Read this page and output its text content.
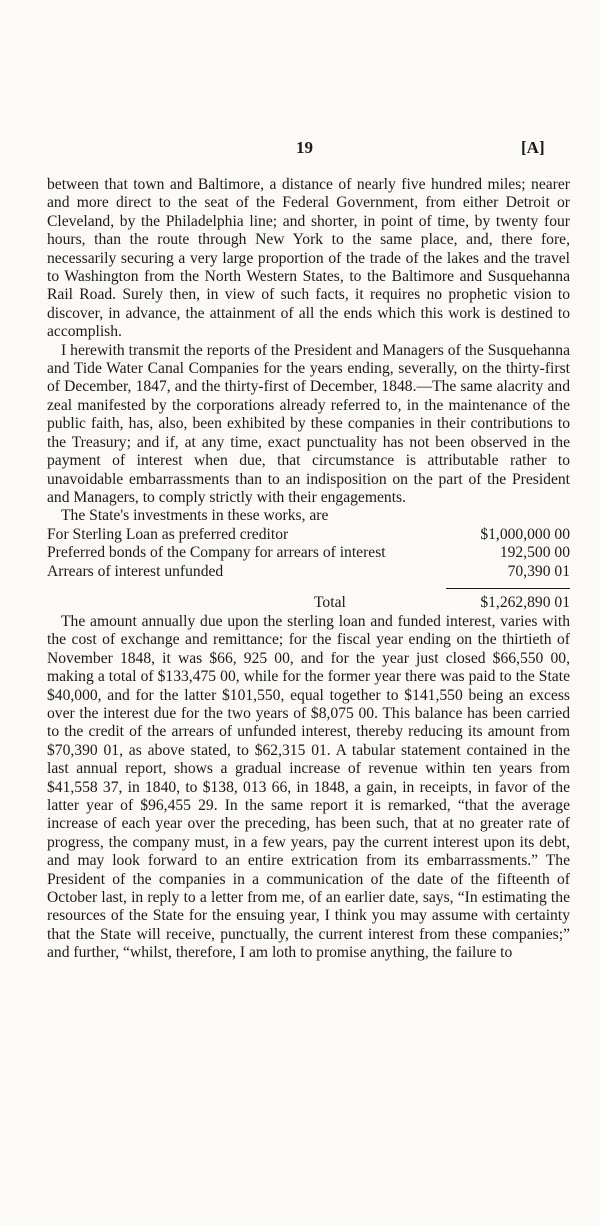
19	[A]

between that town and Baltimore, a distance of nearly five hundred miles; nearer and more direct to the seat of the Federal Government, from either Detroit or Cleveland, by the Philadelphia line; and shorter, in point of time, by twenty four hours, than the route through New York to the same place, and, there fore, necessarily securing a very large proportion of the trade of the lakes and the travel to Washington from the North Western States, to the Baltimore and Susquehanna Rail Road. Surely then, in view of such facts, it requires no prophetic vision to discover, in advance, the attainment of all the ends which this work is destined to accomplish.

I herewith transmit the reports of the President and Managers of the Susquehanna and Tide Water Canal Companies for the years ending, severally, on the thirty-first of December, 1847, and the thirty-first of December, 1848.—The same alacrity and zeal manifested by the corporations already referred to, in the maintenance of the public faith, has, also, been exhibited by these companies in their contributions to the Treasury; and if, at any time, exact punctuality has not been observed in the payment of interest when due, that circumstance is attributable rather to unavoidable embarrassments than to an indisposition on the part of the President and Managers, to comply strictly with their engagements.

The State's investments in these works, are

For Sterling Loan as preferred creditor	$1,000,000 00
Preferred bonds of the Company for arrears of interest	192,500 00
Arrears of interest unfunded	70,390 01
Total	$1,262,890 01

The amount annually due upon the sterling loan and funded interest, varies with the cost of exchange and remittance; for the fiscal year ending on the thirtieth of November 1848, it was $66, 925 00, and for the year just closed $66,550 00, making a total of $133,475 00, while for the former year there was paid to the State $40,000, and for the latter $101,550, equal together to $141,550 being an excess over the interest due for the two years of $8,075 00. This balance has been carried to the credit of the arrears of unfunded interest, thereby reducing its amount from $70,390 01, as above stated, to $62,315 01. A tabular statement contained in the last annual report, shows a gradual increase of revenue within ten years from $41,558 37, in 1840, to $138, 013 66, in 1848, a gain, in receipts, in favor of the latter year of $96,455 29. In the same report it is remarked, “that the average increase of each year over the preceding, has been such, that at no greater rate of progress, the company must, in a few years, pay the current interest upon its debt, and may look forward to an entire extrication from its embarrassments.” The President of the companies in a communication of the date of the fifteenth of October last, in reply to a letter from me, of an earlier date, says, “In estimating the resources of the State for the ensuing year, I think you may assume with certainty that the State will receive, punctually, the current interest from these companies;” and further, “whilst, therefore, I am loth to promise anything, the failure to
